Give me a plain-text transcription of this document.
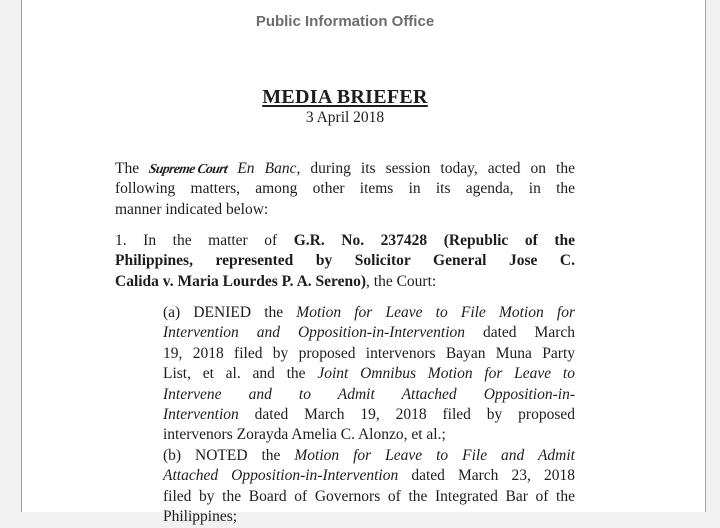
Public Information Office
MEDIA BRIEFER
3 April 2018
The Supreme Court En Banc, during its session today, acted on the
following matters, among other items in its agenda, in the
manner indicated below:
1. In the matter of G.R. No. 237428 (Republic of the
Philippines, represented by Solicitor General Jose C.
Calida v. Maria Lourdes P. A. Sereno), the Court:
(a) DENIED the Motion for Leave to File Motion for
Intervention and Opposition-in-Intervention dated March
19, 2018 filed by proposed intervenors Bayan Muna Party
List, et al. and the Joint Omnibus Motion for Leave to
Intervene and to Admit Attached Opposition-in-
Intervention dated March 19, 2018 filed by proposed
intervenors Zorayda Amelia C. Alonzo, et al.;
(b) NOTED the Motion for Leave to File and Admit
Attached Opposition-in-Intervention dated March 23, 2018
filed by the Board of Governors of the Integrated Bar of the
Philippines;
